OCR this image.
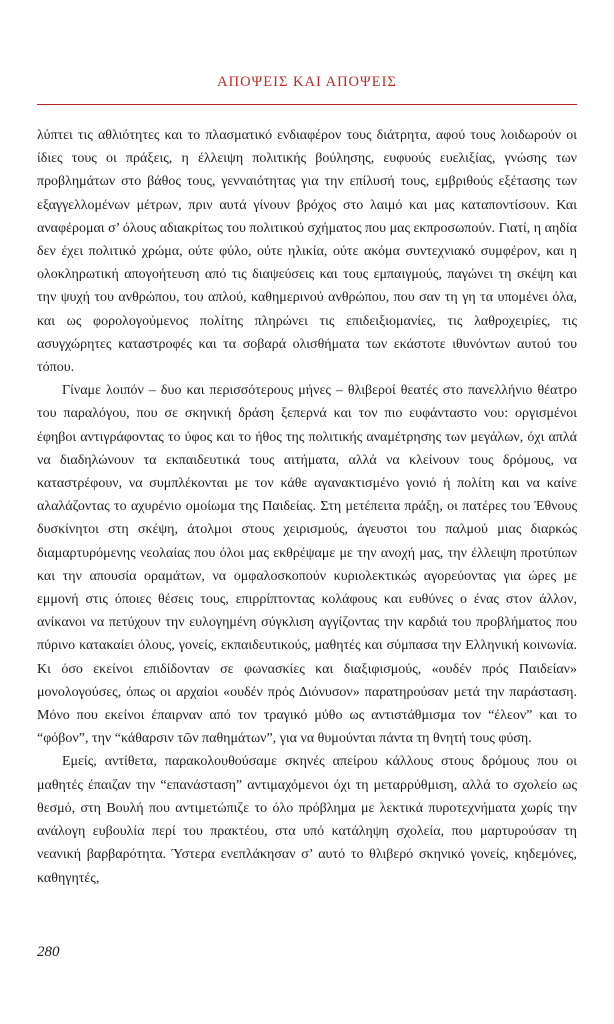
ΑΠΟΨΕΙΣ ΚΑΙ ΑΠΟΨΕΙΣ

λύπτει τις αθλιότητες και το πλασματικό ενδιαφέρον τους διάτρητα, αφού τους λοιδωρούν οι ίδιες τους οι πράξεις, η έλλειψη πολιτικής βούλησης, ευφυούς ευελιξίας, γνώσης των προβλημάτων στο βάθος τους, γενναιότητας για την επίλυσή τους, εμβριθούς εξέτασης των εξαγγελλομένων μέτρων, πριν αυτά γίνουν βρόχος στο λαιμό και μας καταποντίσουν. Και αναφέρομαι σ’ όλους αδιακρίτως του πολιτικού σχήματος που μας εκπροσωπούν. Γιατί, η αηδία δεν έχει πολιτικό χρώμα, ούτε φύλο, ούτε ηλικία, ούτε ακόμα συντεχνιακό συμφέρον, και η ολοκληρωτική απογοήτευση από τις διαψεύσεις και τους εμπαιγμούς, παγώνει τη σκέψη και την ψυχή του ανθρώπου, του απλού, καθημερινού ανθρώπου, που σαν τη γη τα υπομένει όλα, και ως φορολογούμενος πολίτης πληρώνει τις επιδειξιομανίες, τις λαθροχειρίες, τις ασυγχώρητες καταστροφές και τα σοβαρά ολισθήματα των εκάστοτε ιθυνόντων αυτού του τόπου.

Γίναμε λοιπόν – δυο και περισσότερους μήνες – θλιβεροί θεατές στο πανελλήνιο θέατρο του παραλόγου, που σε σκηνική δράση ξεπερνά και τον πιο ευφάνταστο νου: οργισμένοι έφηβοι αντιγράφοντας το ύφος και το ήθος της πολιτικής αναμέτρησης των μεγάλων, όχι απλά να διαδηλώνουν τα εκπαιδευτικά τους αιτήματα, αλλά να κλείνουν τους δρόμους, να καταστρέφουν, να συμπλέκονται με τον κάθε αγανακτισμένο γονιό ή πολίτη και να καίνε αλαλάζοντας το αχυρένιο ομοίωμα της Παιδείας. Στη μετέπειτα πράξη, οι πατέρες του Έθνους δυσκίνητοι στη σκέψη, άτολμοι στους χειρισμούς, άγευστοι του παλμού μιας διαρκώς διαμαρτυρόμενης νεολαίας που όλοι μας εκθρέψαμε με την ανοχή μας, την έλλειψη προτύπων και την απουσία οραμάτων, να ομφαλοσκοπούν κυριολεκτικώς αγορεύοντας για ώρες με εμμονή στις όποιες θέσεις τους, επιρρίπτοντας κολάφους και ευθύνες ο ένας στον άλλον, ανίκανοι να πετύχουν την ευλογημένη σύγκλιση αγγίζοντας την καρδιά του προβλήματος που πύρινο κατακαίει όλους, γονείς, εκπαιδευτικούς, μαθητές και σύμπασα την Ελληνική κοινωνία. Κι όσο εκείνοι επιδίδονταν σε φωνασκίες και διαξιφισμούς, «ουδέν πρός Παιδείαν» μονολογούσες, όπως οι αρχαίοι «ουδέν πρός Διόνυσον» παρατηρούσαν μετά την παράσταση. Μόνο που εκείνοι έπαιρναν από τον τραγικό μύθο ως αντιστάθμισμα τον “έλεον” και το “φόβον”, την “κάθαρσιν τῶν παθημάτων”, για να θυμούνται πάντα τη θνητή τους φύση.

Εμείς, αντίθετα, παρακολουθούσαμε σκηνές απείρου κάλλους στους δρόμους που οι μαθητές έπαιζαν την “επανάσταση” αντιμαχόμενοι όχι τη μεταρρύθμιση, αλλά το σχολείο ως θεσμό, στη Βουλή που αντιμετώπιζε το όλο πρόβλημα με λεκτικά πυροτεχνήματα χωρίς την ανάλογη ευβουλία περί του πρακτέου, στα υπό κατάληψη σχολεία, που μαρτυρούσαν τη νεανική βαρβαρότητα. Ύστερα ενεπλάκησαν σ’ αυτό το θλιβερό σκηνικό γονείς, κηδεμόνες, καθηγητές,

280
